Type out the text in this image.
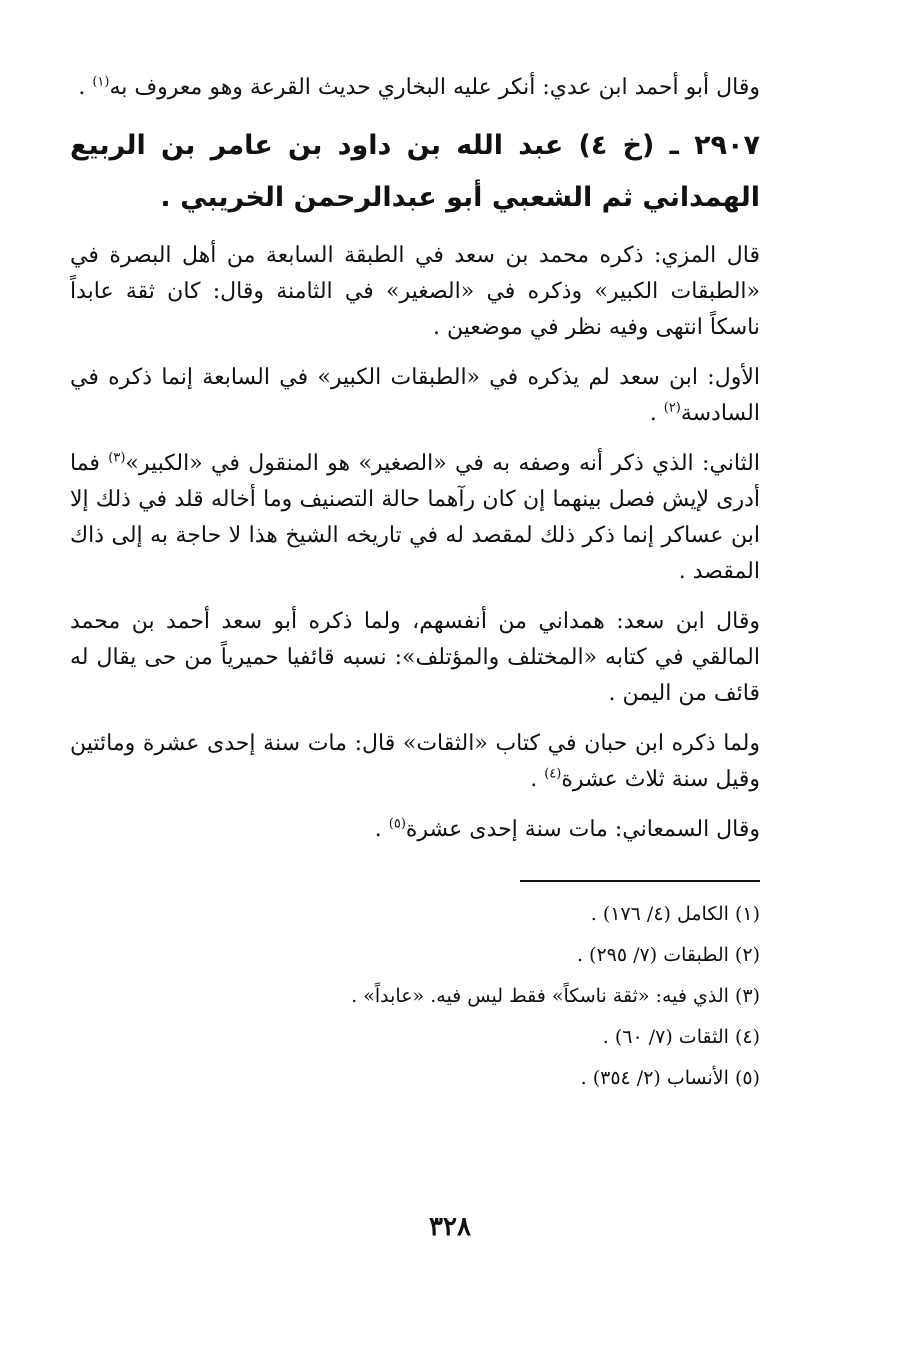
وقال أبو أحمد ابن عدي: أنكر عليه البخاري حديث القرعة وهو معروف به$^{(١)}$ .

٢٩٠٧ ـ (خ ٤) عبد الله بن داود بن عامر بن الربيع الهمداني ثم الشعبي أبو عبدالرحمن الخريبي .

قال المزي: ذكره محمد بن سعد في الطبقة السابعة من أهل البصرة في «الطبقات الكبير» وذكره في «الصغير» في الثامنة وقال: كان ثقة عابداً ناسكاً انتهى وفيه نظر في موضعين .

الأول: ابن سعد لم يذكره في «الطبقات الكبير» في السابعة إنما ذكره في السادسة$^{(٢)}$ .

الثاني: الذي ذكر أنه وصفه به في «الصغير» هو المنقول في «الكبير»$^{(٣)}$ فما أدرى لإيش فصل بينهما إن كان رآهما حالة التصنيف وما أخاله قلد في ذلك إلا ابن عساكر إنما ذكر ذلك لمقصد له في تاريخه الشيخ هذا لا حاجة به إلى ذاك المقصد .

وقال ابن سعد: همداني من أنفسهم، ولما ذكره أبو سعد أحمد بن محمد المالقي في كتابه «المختلف والمؤتلف»: نسبه قائفيا حميرياً من حى يقال له قائف من اليمن .

ولما ذكره ابن حبان في كتاب «الثقات» قال: مات سنة إحدى عشرة ومائتين وقيل سنة ثلاث عشرة$^{(٤)}$ .

وقال السمعاني: مات سنة إحدى عشرة$^{(٥)}$ .

(١) الكامل (٤/ ١٧٦) .

(٢) الطبقات (٧/ ٢٩٥) .

(٣) الذي فيه: «ثقة ناسكاً» فقط ليس فيه. «عابداً» .

(٤) الثقات (٧/ ٦٠) .

(٥) الأنساب (٢/ ٣٥٤) .

٣٢٨
